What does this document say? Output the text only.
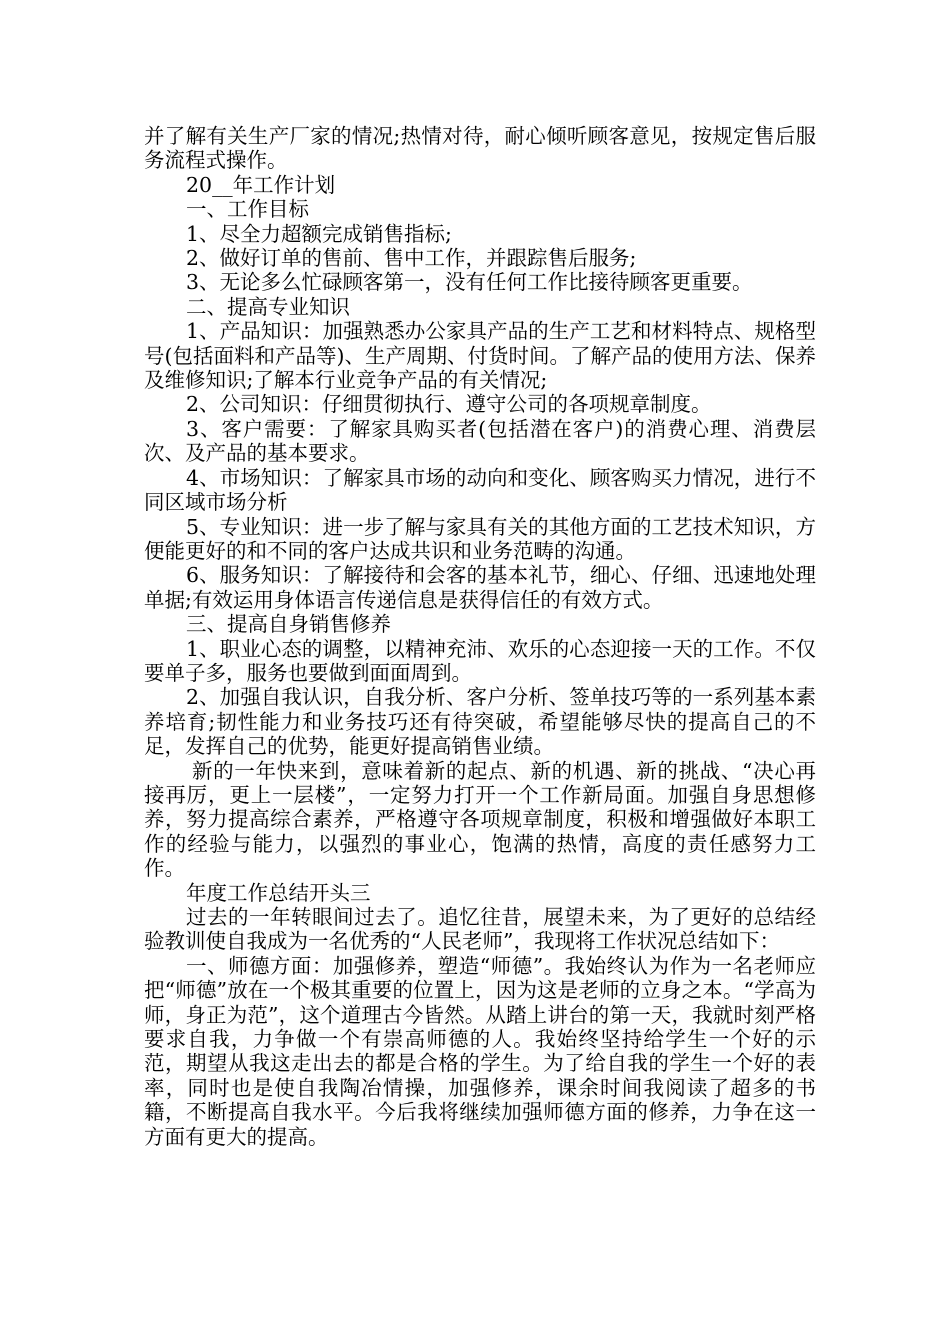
并了解有关生产厂家的情况;热情对待，耐心倾听顾客意见，按规定售后服务流程式操作。

20__年工作计划

一、工作目标

1、尽全力超额完成销售指标;

2、做好订单的售前、售中工作，并跟踪售后服务;

3、无论多么忙碌顾客第一，没有任何工作比接待顾客更重要。

二、提高专业知识

1、产品知识：加强熟悉办公家具产品的生产工艺和材料特点、规格型号(包括面料和产品等)、生产周期、付货时间。了解产品的使用方法、保养及维修知识;了解本行业竞争产品的有关情况;

2、公司知识：仔细贯彻执行、遵守公司的各项规章制度。

3、客户需要：了解家具购买者(包括潜在客户)的消费心理、消费层次、及产品的基本要求。

4、市场知识：了解家具市场的动向和变化、顾客购买力情况，进行不同区域市场分析

5、专业知识：进一步了解与家具有关的其他方面的工艺技术知识，方便能更好的和不同的客户达成共识和业务范畴的沟通。

6、服务知识：了解接待和会客的基本礼节，细心、仔细、迅速地处理单据;有效运用身体语言传递信息是获得信任的有效方式。

三、提高自身销售修养

1、职业心态的调整，以精神充沛、欢乐的心态迎接一天的工作。不仅要单子多，服务也要做到面面周到。

2、加强自我认识，自我分析、客户分析、签单技巧等的一系列基本素养培育;韧性能力和业务技巧还有待突破，希望能够尽快的提高自己的不足，发挥自己的优势，能更好提高销售业绩。

新的一年快来到，意味着新的起点、新的机遇、新的挑战、“决心再接再厉，更上一层楼”，一定努力打开一个工作新局面。加强自身思想修养，努力提高综合素养，严格遵守各项规章制度，积极和增强做好本职工作的经验与能力，以强烈的事业心，饱满的热情，高度的责任感努力工作。

年度工作总结开头三

过去的一年转眼间过去了。追忆往昔，展望未来，为了更好的总结经验教训使自我成为一名优秀的“人民老师”，我现将工作状况总结如下：

一、师德方面：加强修养，塑造“师德”。我始终认为作为一名老师应把“师德”放在一个极其重要的位置上，因为这是老师的立身之本。“学高为师，身正为范”，这个道理古今皆然。从踏上讲台的第一天，我就时刻严格要求自我，力争做一个有崇高师德的人。我始终坚持给学生一个好的示范，期望从我这走出去的都是合格的学生。为了给自我的学生一个好的表率，同时也是使自我陶冶情操，加强修养，课余时间我阅读了超多的书籍，不断提高自我水平。今后我将继续加强师德方面的修养，力争在这一方面有更大的提高。
